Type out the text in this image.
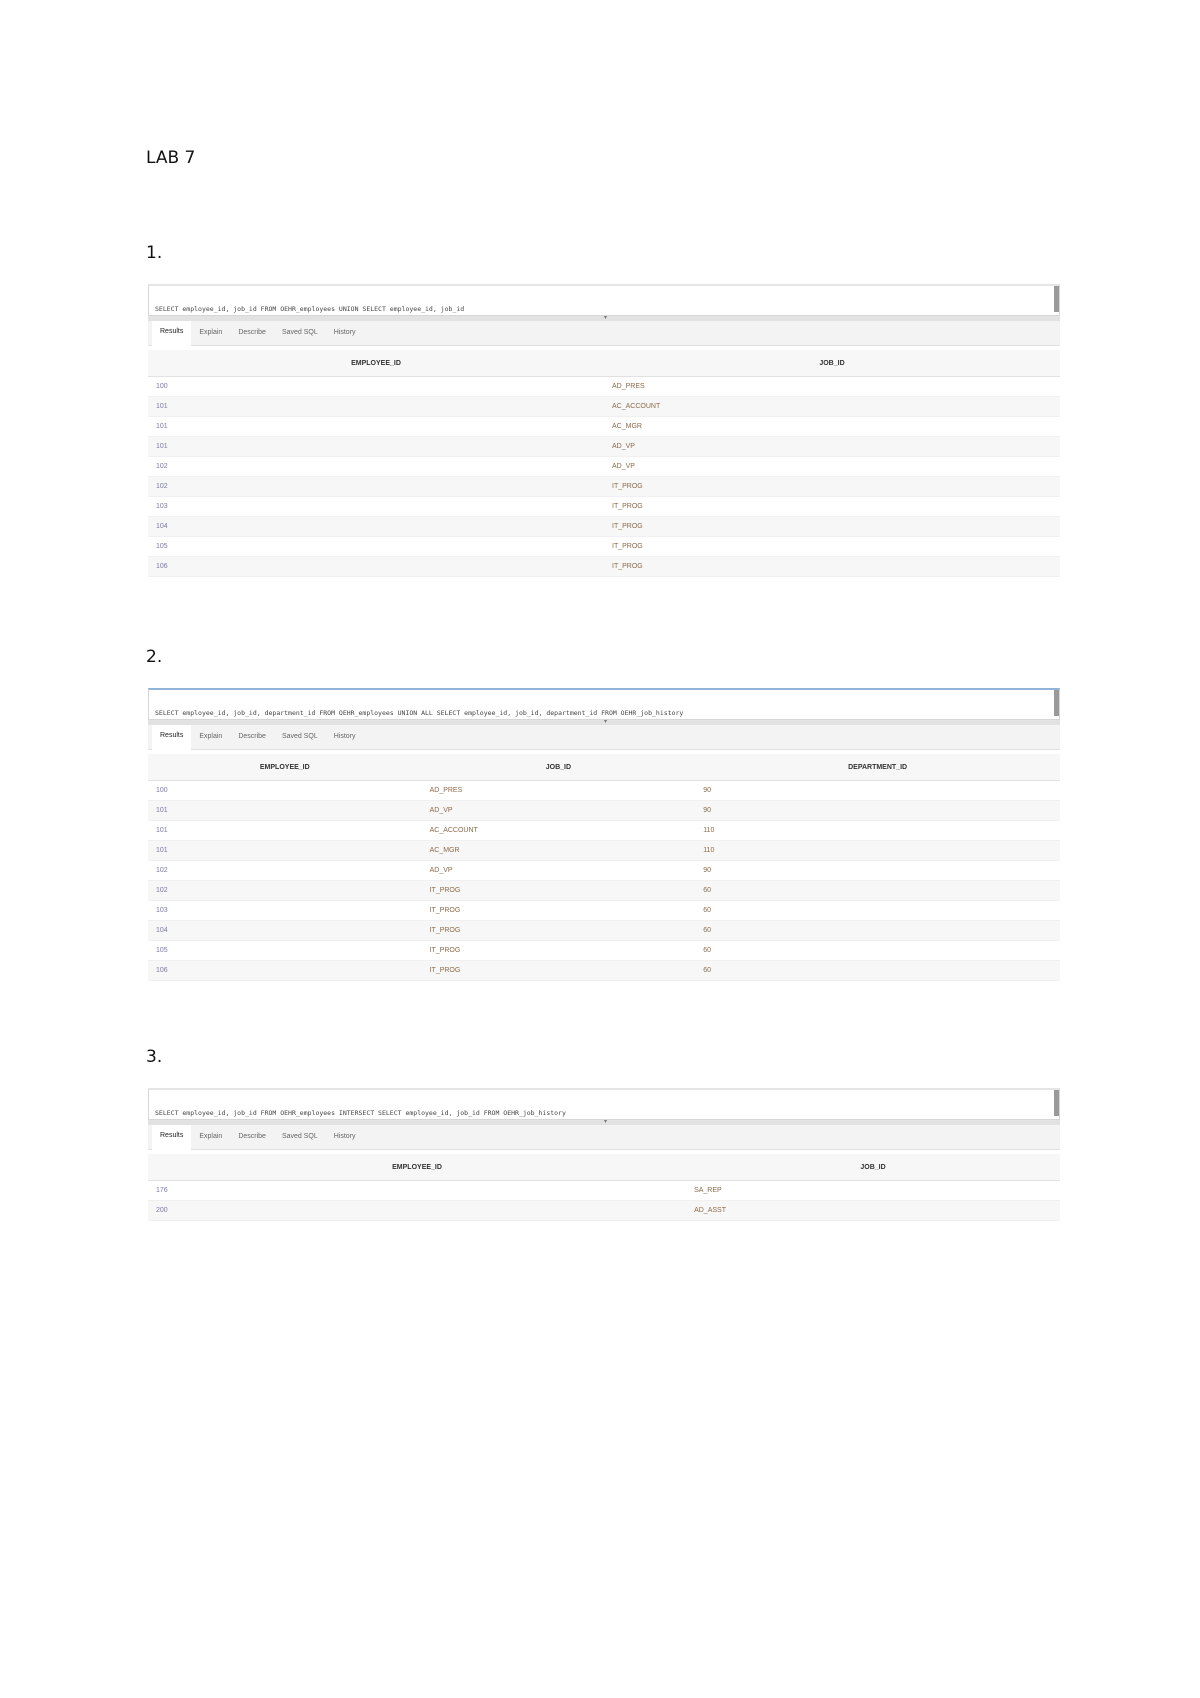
LAB 7

1.

SELECT employee_id, job_id FROM OEHR_employees UNION SELECT employee_id, job_id

▾
Results	Explain	Describe	Saved SQL	History
EMPLOYEE_ID	JOB_ID
100	AD_PRES
101	AC_ACCOUNT
101	AC_MGR
101	AD_VP
102	AD_VP
102	IT_PROG
103	IT_PROG
104	IT_PROG
105	IT_PROG
106	IT_PROG

2.

SELECT employee_id, job_id, department_id FROM OEHR_employees UNION ALL SELECT employee_id, job_id, department_id FROM OEHR_job_history

▾
Results	Explain	Describe	Saved SQL	History
EMPLOYEE_ID	JOB_ID	DEPARTMENT_ID
100	AD_PRES	90
101	AD_VP	90
101	AC_ACCOUNT	110
101	AC_MGR	110
102	AD_VP	90
102	IT_PROG	60
103	IT_PROG	60
104	IT_PROG	60
105	IT_PROG	60
106	IT_PROG	60

3.

SELECT employee_id, job_id FROM OEHR_employees INTERSECT SELECT employee_id, job_id FROM OEHR_job_history

▾
Results	Explain	Describe	Saved SQL	History
EMPLOYEE_ID	JOB_ID
176	SA_REP
200	AD_ASST
